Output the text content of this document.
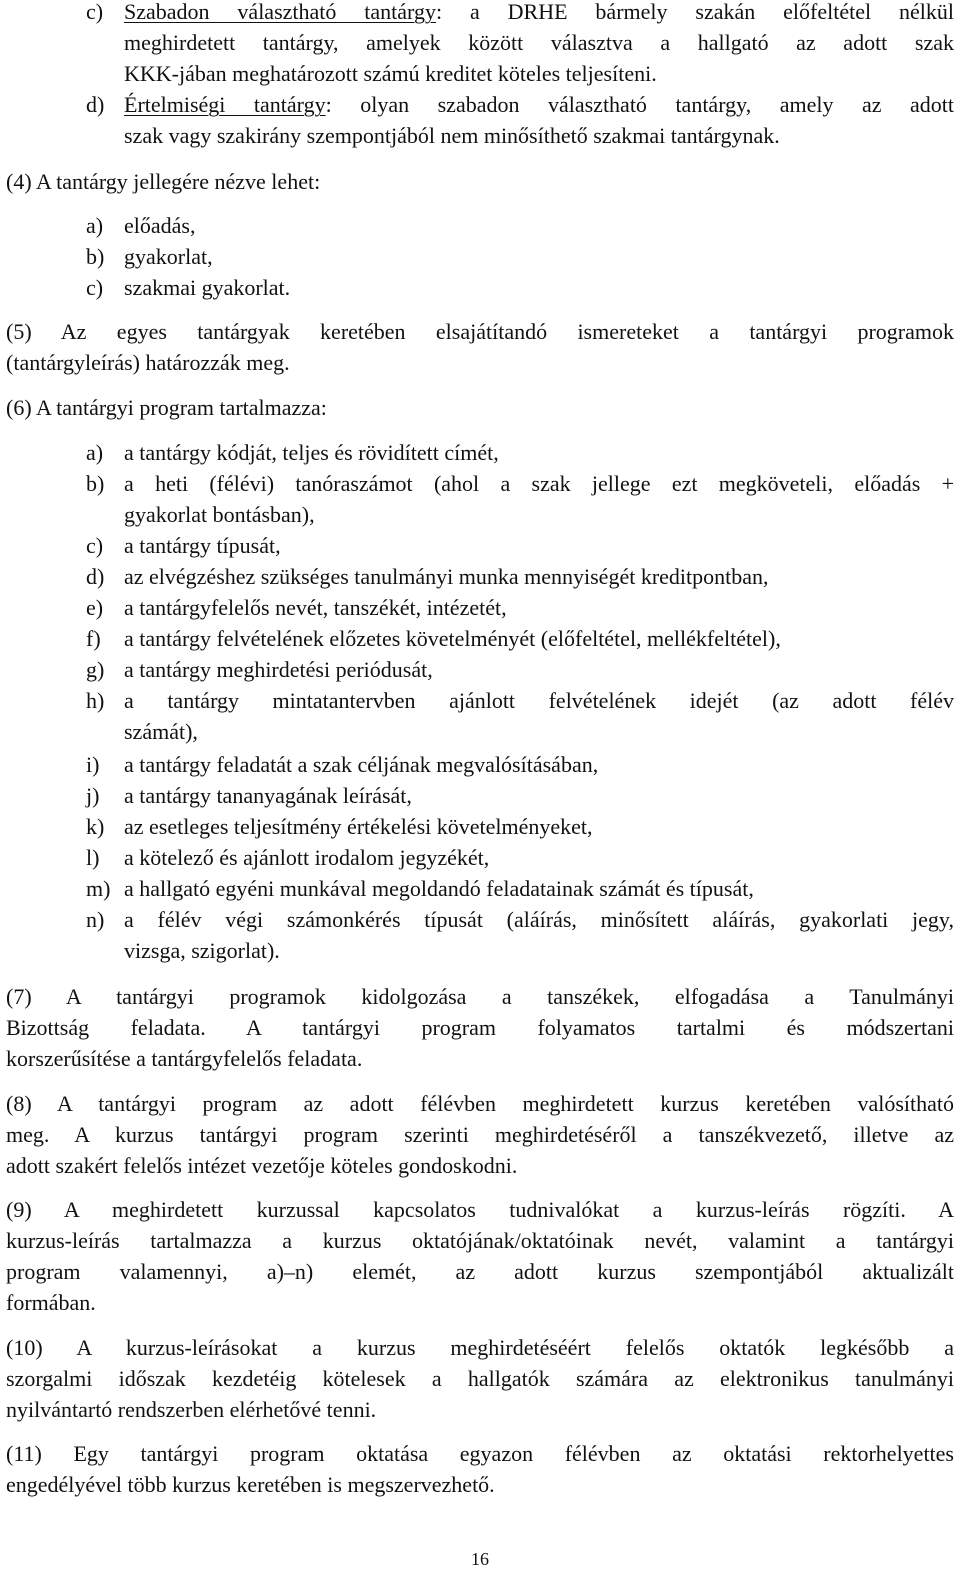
c) Szabadon választható tantárgy: a DRHE bármely szakán előfeltétel nélkül
meghirdetett tantárgy, amelyek között választva a hallgató az adott szak
KKK-jában meghatározott számú kreditet köteles teljesíteni.
d) Értelmiségi tantárgy: olyan szabadon választható tantárgy, amely az adott
szak vagy szakirány szempontjából nem minősíthető szakmai tantárgynak.
(4) A tantárgy jellegére nézve lehet:
a) előadás,
b) gyakorlat,
c) szakmai gyakorlat.
(5) Az egyes tantárgyak keretében elsajátítandó ismereteket a tantárgyi programok
(tantárgyleírás) határozzák meg.
(6) A tantárgyi program tartalmazza:
a) a tantárgy kódját, teljes és rövidített címét,
b) a heti (félévi) tanóraszámot (ahol a szak jellege ezt megköveteli, előadás +
gyakorlat bontásban),
c) a tantárgy típusát,
d) az elvégzéshez szükséges tanulmányi munka mennyiségét kreditpontban,
e) a tantárgyfelelős nevét, tanszékét, intézetét,
f) a tantárgy felvételének előzetes követelményét (előfeltétel, mellékfeltétel),
g) a tantárgy meghirdetési periódusát,
h) a tantárgy mintatantervben ajánlott felvételének idejét (az adott félév
számát),
i) a tantárgy feladatát a szak céljának megvalósításában,
j) a tantárgy tananyagának leírását,
k) az esetleges teljesítmény értékelési követelményeket,
l) a kötelező és ajánlott irodalom jegyzékét,
m) a hallgató egyéni munkával megoldandó feladatainak számát és típusát,
n) a félév végi számonkérés típusát (aláírás, minősített aláírás, gyakorlati jegy,
vizsga, szigorlat).
(7) A tantárgyi programok kidolgozása a tanszékek, elfogadása a Tanulmányi
Bizottság feladata. A tantárgyi program folyamatos tartalmi és módszertani
korszerűsítése a tantárgyfelelős feladata.
(8) A tantárgyi program az adott félévben meghirdetett kurzus keretében valósítható
meg. A kurzus tantárgyi program szerinti meghirdetéséről a tanszékvezető, illetve az
adott szakért felelős intézet vezetője köteles gondoskodni.
(9) A meghirdetett kurzussal kapcsolatos tudnivalókat a kurzus-leírás rögzíti. A
kurzus-leírás tartalmazza a kurzus oktatójának/oktatóinak nevét, valamint a tantárgyi
program valamennyi, a)–n) elemét, az adott kurzus szempontjából aktualizált
formában.
(10) A kurzus-leírásokat a kurzus meghirdetéséért felelős oktatók legkésőbb a
szorgalmi időszak kezdetéig kötelesek a hallgatók számára az elektronikus tanulmányi
nyilvántartó rendszerben elérhetővé tenni.
(11) Egy tantárgyi program oktatása egyazon félévben az oktatási rektorhelyettes
engedélyével több kurzus keretében is megszervezhető.
16
